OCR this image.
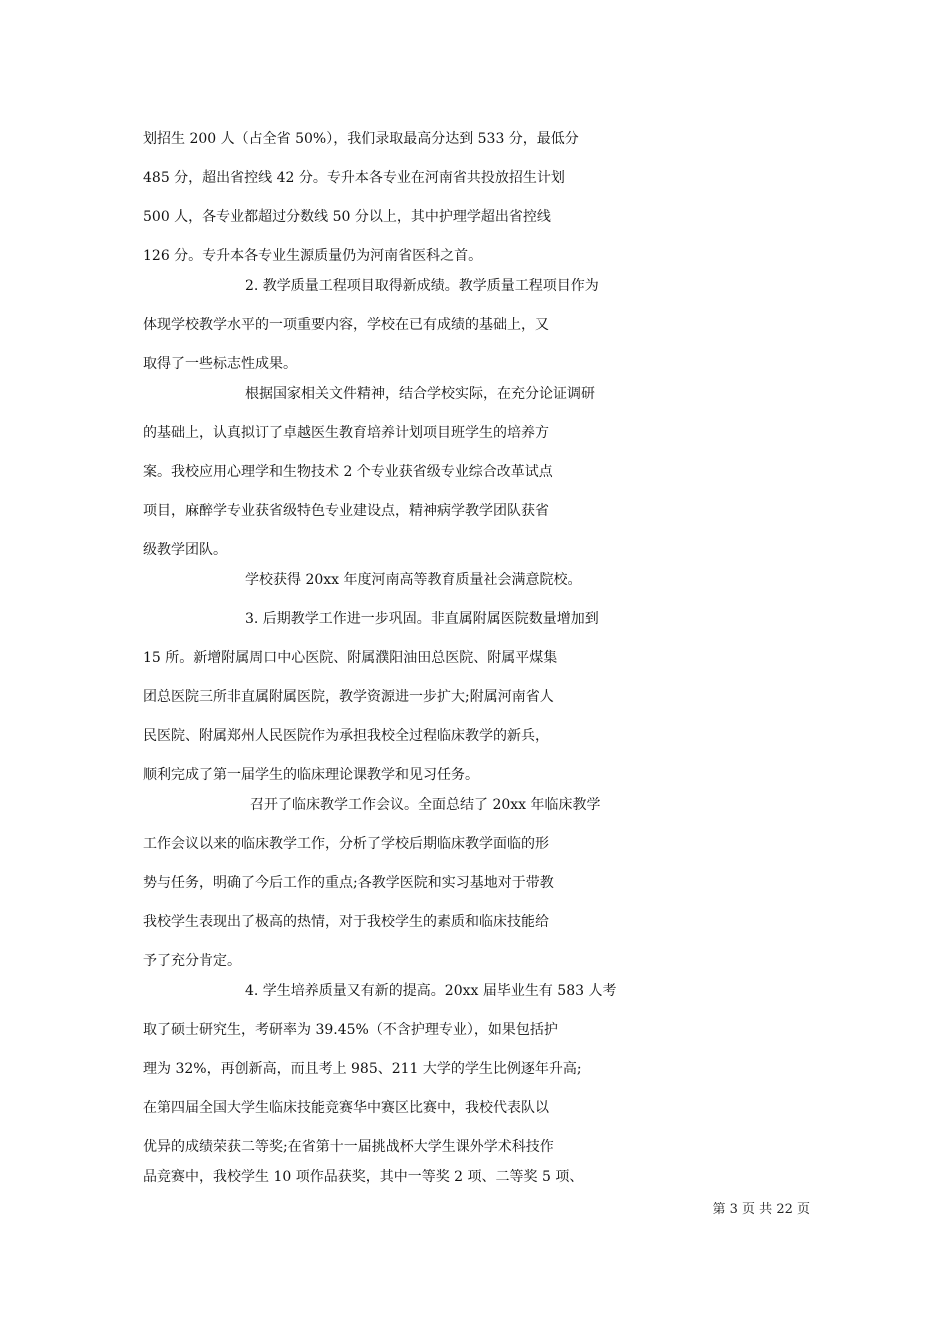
划招生 200 人（占全省 50%），我们录取最高分达到 533 分，最低分
485 分，超出省控线 42 分。专升本各专业在河南省共投放招生计划
500 人，各专业都超过分数线 50 分以上，其中护理学超出省控线
126 分。专升本各专业生源质量仍为河南省医科之首。
2. 教学质量工程项目取得新成绩。教学质量工程项目作为
体现学校教学水平的一项重要内容，学校在已有成绩的基础上，又
取得了一些标志性成果。
根据国家相关文件精神，结合学校实际，在充分论证调研
的基础上，认真拟订了卓越医生教育培养计划项目班学生的培养方
案。我校应用心理学和生物技术 2 个专业获省级专业综合改革试点
项目，麻醉学专业获省级特色专业建设点，精神病学教学团队获省
级教学团队。
学校获得 20xx 年度河南高等教育质量社会满意院校。
3. 后期教学工作进一步巩固。非直属附属医院数量增加到
15 所。新增附属周口中心医院、附属濮阳油田总医院、附属平煤集
团总医院三所非直属附属医院，教学资源进一步扩大;附属河南省人
民医院、附属郑州人民医院作为承担我校全过程临床教学的新兵，
顺利完成了第一届学生的临床理论课教学和见习任务。
召开了临床教学工作会议。全面总结了 20xx 年临床教学
工作会议以来的临床教学工作，分析了学校后期临床教学面临的形
势与任务，明确了今后工作的重点;各教学医院和实习基地对于带教
我校学生表现出了极高的热情，对于我校学生的素质和临床技能给
予了充分肯定。
4. 学生培养质量又有新的提高。20xx 届毕业生有 583 人考
取了硕士研究生，考研率为 39.45%（不含护理专业），如果包括护
理为 32%，再创新高，而且考上 985、211 大学的学生比例逐年升高;
在第四届全国大学生临床技能竞赛华中赛区比赛中，我校代表队以
优异的成绩荣获二等奖;在省第十一届挑战杯大学生课外学术科技作
品竞赛中，我校学生 10 项作品获奖，其中一等奖 2 项、二等奖 5 项、
第 3 页 共 22 页
